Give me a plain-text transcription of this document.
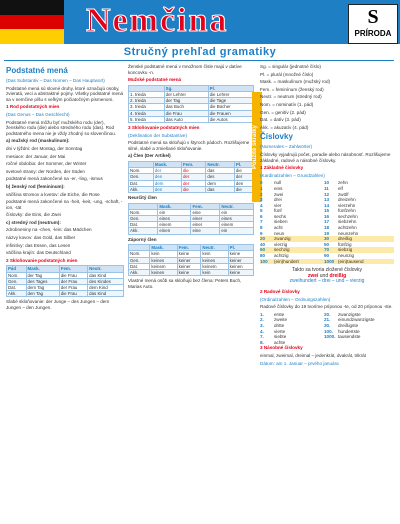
Nemčina	S
PRÍRODA
Stručný prehľad gramatiky
Podstatné mená
(Das Substantiv – Das Nomen – Das Hauptwort)
Podstatné mená sú slovné druhy, ktoré označujú osoby, zvieratá, veci a abstraktné pojmy. Všetky podstatné mená sa v nemčine píšu s veľkým počiatočným písmenom.
1 Rod podstatných mien
(Das Genus – Das Geschlecht)
Podstatné mená môžu byť mužského rodu (der), ženského rodu (die) alebo stredného rodu (das). Rod podstatného mena nie je vždy zhodný so slovenčinou.
a) mužský rod (maskulinum):
dni v týždni: der Montag, der Sonntag
mesiace: der Januar, der Mai
ročné obdobia: der Sommer, der Winter
svetové strany: der Norden, der Süden
podstatné mená zakončené na -er, -ling, -ismus
b) ženský rod (femininum):
väčšina stromov a kvetov: die Eiche, die Rose
podstatné mená zakončené na -heit, -keit, -ung, -schaft, -ion, -tät
číslovky: die Eins, die Zwei
c) stredný rod (neutrum):
zdrobneniny na -chen, -lein: das Mädchen
názvy kovov: das Gold, das Silber
infinitívy: das Essen, das Lesen
väčšina krajín: das Deutschland
2 Skloňovanie podstatných mien
Pád	Mask.	Fem.	Neutr.
Nom.	der Tag	die Frau	das Kind
Gen.	des Tages	der Frau	des Kindes
Dat.	dem Tag	der Frau	dem Kind
Akk.	den Tag	die Frau	das Kind
Slabé skloňovanie: der Junge – des Jungen – dem Jungen – den Jungen.
Ženské podstatné mená v množnom čísle majú v datíve koncovku -n.
Mužské podstatné mená
	Sg.	Pl.
1. trieda	der Lehrer	die Lehrer
2. trieda	der Tag	die Tage
3. trieda	das Buch	die Bücher
4. trieda	die Frau	die Frauen
5. trieda	das Auto	die Autos
3 Skloňovanie podstatných mien
(Deklination der Substantive)
Podstatné mená sa skloňujú v štyroch pádoch. Rozlišujeme silné, slabé a zmiešané skloňovanie.
a) Člen (Der Artikel)
	Mask.	Fem.	Neutr.	Pl.
Nom.	der	die	das	die
Gen.	des	der	des	der
Dat.	dem	der	dem	den
Akk.	den	die	das	die
Neurčitý člen
	Mask.	Fem.	Neutr.
Nom.	ein	eine	ein
Gen.	eines	einer	eines
Dat.	einem	einer	einem
Akk.	einen	eine	ein
Záporný člen
	Mask.	Fem.	Neutr.	Pl.
Nom.	kein	keine	kein	keine
Gen.	keines	keiner	keines	keiner
Dat.	keinem	keiner	keinem	keinen
Akk.	keinen	keine	kein	keine
Vlastné mená osôb sa skloňujú bez člena: Peters Buch, Marias Auto.
Použité skratky
Sg. = singulár (jednotné číslo)
Pl. = plurál (množné číslo)
Mask. = maskulínum (mužský rod)
Fem. = feminínum (ženský rod)
Neutr. = neutrum (stredný rod)
Nom. = nominatív (1. pád)
Gen. = genitív (2. pád)
Dat. = datív (3. pád)
Akk. = akuzatív (4. pád)
Číslovky
(Numerales – Zahlwörter)
Číslovky vyjadrujú počet, poradie alebo násobnosť. Rozlišujeme základné, radové a násobné číslovky.
1 Základné číslovky
(Kardinalzahlen – Grundzahlen)
0	null	10	zehn
1	eins	11	elf
2	zwei	12	zwölf
3	drei	13	dreizehn
4	vier	14	vierzehn
5	fünf	15	fünfzehn
6	sechs	16	sechzehn
7	sieben	17	siebzehn
8	acht	18	achtzehn
9	neun	19	neunzehn
20	zwanzig	30	dreißig
40	vierzig	50	fünfzig
60	sechzig	70	siebzig
80	achtzig	90	neunzig
100	(ein)hundert	1000 (ein)tausend
Takto sa tvoria zložené číslovky
zwei und dreißig
zweihundert – drei – und – vierzig
2 Radové číslovky
(Ordinalzahlen – Ordnungszahlen)
Radové číslovky do 19 tvoríme príponou -te, od 20 príponou -ste.
1.	erste	20.	zwanzigste
2.	zweite	21.	einundzwanzigste
3.	dritte	30.	dreißigste
4.	vierte	100.	hundertste
7.	siebte	1000. tausendste
8.	achte
3 Násobné číslovky
einmal, zweimal, dreimal – jedenkrát, dvakrát, trikrát
Dátum: am 1. Januar – prvého januára
